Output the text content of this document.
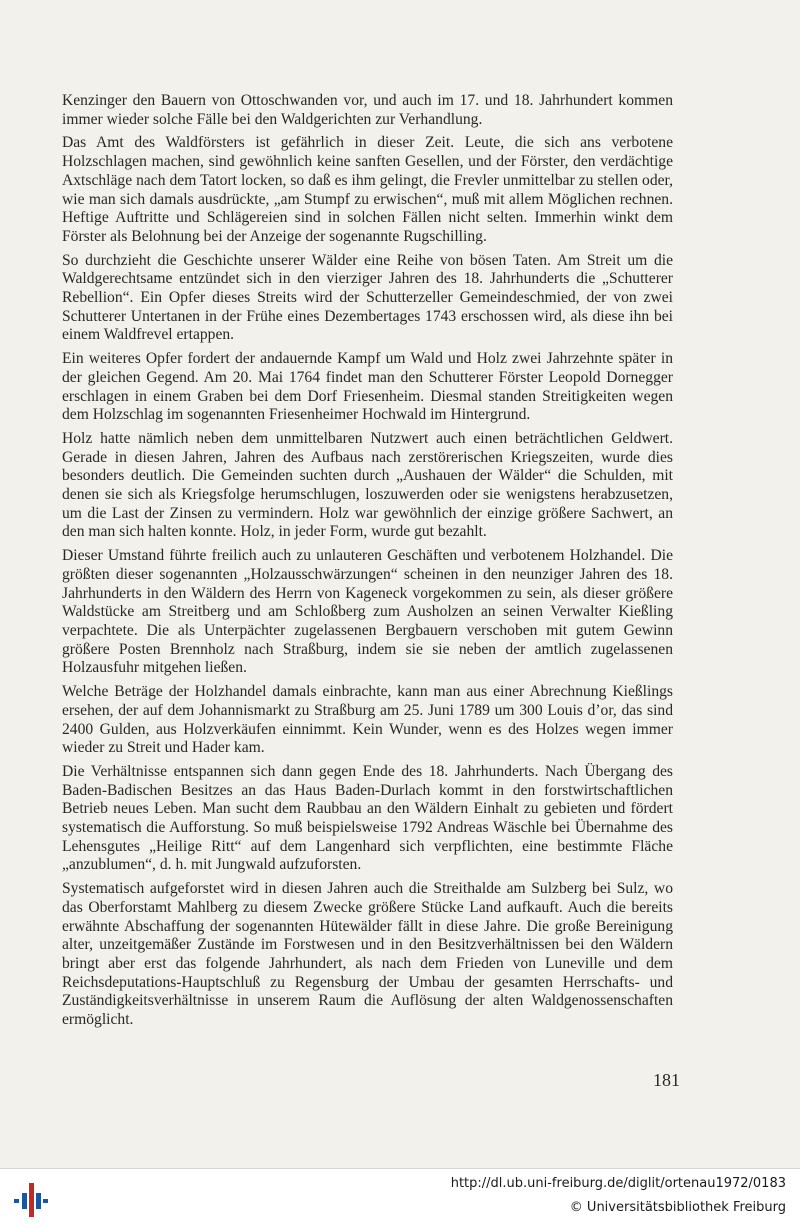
Kenzinger den Bauern von Ottoschwanden vor, und auch im 17. und 18. Jahrhundert kommen immer wieder solche Fälle bei den Waldgerichten zur Verhandlung.

Das Amt des Waldförsters ist gefährlich in dieser Zeit. Leute, die sich ans verbotene Holzschlagen machen, sind gewöhnlich keine sanften Gesellen, und der Förster, den verdächtige Axtschläge nach dem Tatort locken, so daß es ihm gelingt, die Frevler unmittelbar zu stellen oder, wie man sich damals ausdrückte, „am Stumpf zu erwischen“, muß mit allem Möglichen rechnen. Heftige Auftritte und Schlägereien sind in solchen Fällen nicht selten. Immerhin winkt dem Förster als Belohnung bei der Anzeige der sogenannte Rugschilling.

So durchzieht die Geschichte unserer Wälder eine Reihe von bösen Taten. Am Streit um die Waldgerechtsame entzündet sich in den vierziger Jahren des 18. Jahrhunderts die „Schutterer Rebellion“. Ein Opfer dieses Streits wird der Schutterzeller Gemeindeschmied, der von zwei Schutterer Untertanen in der Frühe eines Dezembertages 1743 erschossen wird, als diese ihn bei einem Waldfrevel ertappen.

Ein weiteres Opfer fordert der andauernde Kampf um Wald und Holz zwei Jahrzehnte später in der gleichen Gegend. Am 20. Mai 1764 findet man den Schutterer Förster Leopold Dornegger erschlagen in einem Graben bei dem Dorf Friesenheim. Diesmal standen Streitigkeiten wegen dem Holzschlag im sogenannten Friesenheimer Hochwald im Hintergrund.

Holz hatte nämlich neben dem unmittelbaren Nutzwert auch einen beträchtlichen Geldwert. Gerade in diesen Jahren, Jahren des Aufbaus nach zerstörerischen Kriegszeiten, wurde dies besonders deutlich. Die Gemeinden suchten durch „Aushauen der Wälder“ die Schulden, mit denen sie sich als Kriegsfolge herumschlugen, loszuwerden oder sie wenigstens herabzusetzen, um die Last der Zinsen zu vermindern. Holz war gewöhnlich der einzige größere Sachwert, an den man sich halten konnte. Holz, in jeder Form, wurde gut bezahlt.

Dieser Umstand führte freilich auch zu unlauteren Geschäften und verbotenem Holzhandel. Die größten dieser sogenannten „Holzausschwärzungen“ scheinen in den neunziger Jahren des 18. Jahrhunderts in den Wäldern des Herrn von Kageneck vorgekommen zu sein, als dieser größere Waldstücke am Streitberg und am Schloßberg zum Ausholzen an seinen Verwalter Kießling verpachtete. Die als Unterpächter zugelassenen Bergbauern verschoben mit gutem Gewinn größere Posten Brennholz nach Straßburg, indem sie sie neben der amtlich zugelassenen Holzausfuhr mitgehen ließen.

Welche Beträge der Holzhandel damals einbrachte, kann man aus einer Abrechnung Kießlings ersehen, der auf dem Johannismarkt zu Straßburg am 25. Juni 1789 um 300 Louis d’or, das sind 2400 Gulden, aus Holzverkäufen einnimmt. Kein Wunder, wenn es des Holzes wegen immer wieder zu Streit und Hader kam.

Die Verhältnisse entspannen sich dann gegen Ende des 18. Jahrhunderts. Nach Übergang des Baden-Badischen Besitzes an das Haus Baden-Durlach kommt in den forstwirtschaftlichen Betrieb neues Leben. Man sucht dem Raubbau an den Wäldern Einhalt zu gebieten und fördert systematisch die Aufforstung. So muß beispielsweise 1792 Andreas Wäschle bei Übernahme des Lehensgutes „Heilige Ritt“ auf dem Langenhard sich verpflichten, eine bestimmte Fläche „anzublumen“, d. h. mit Jungwald aufzuforsten.

Systematisch aufgeforstet wird in diesen Jahren auch die Streithalde am Sulzberg bei Sulz, wo das Oberforstamt Mahlberg zu diesem Zwecke größere Stücke Land aufkauft. Auch die bereits erwähnte Abschaffung der sogenannten Hütewälder fällt in diese Jahre. Die große Bereinigung alter, unzeitgemäßer Zustände im Forstwesen und in den Besitzverhältnissen bei den Wäldern bringt aber erst das folgende Jahrhundert, als nach dem Frieden von Luneville und dem Reichsdeputations-Hauptschluß zu Regensburg der Umbau der gesamten Herrschafts- und Zuständigkeitsverhältnisse in unserem Raum die Auflösung der alten Waldgenossenschaften ermöglicht.

181
http://dl.ub.uni-freiburg.de/diglit/ortenau1972/0183
© Universitätsbibliothek Freiburg
